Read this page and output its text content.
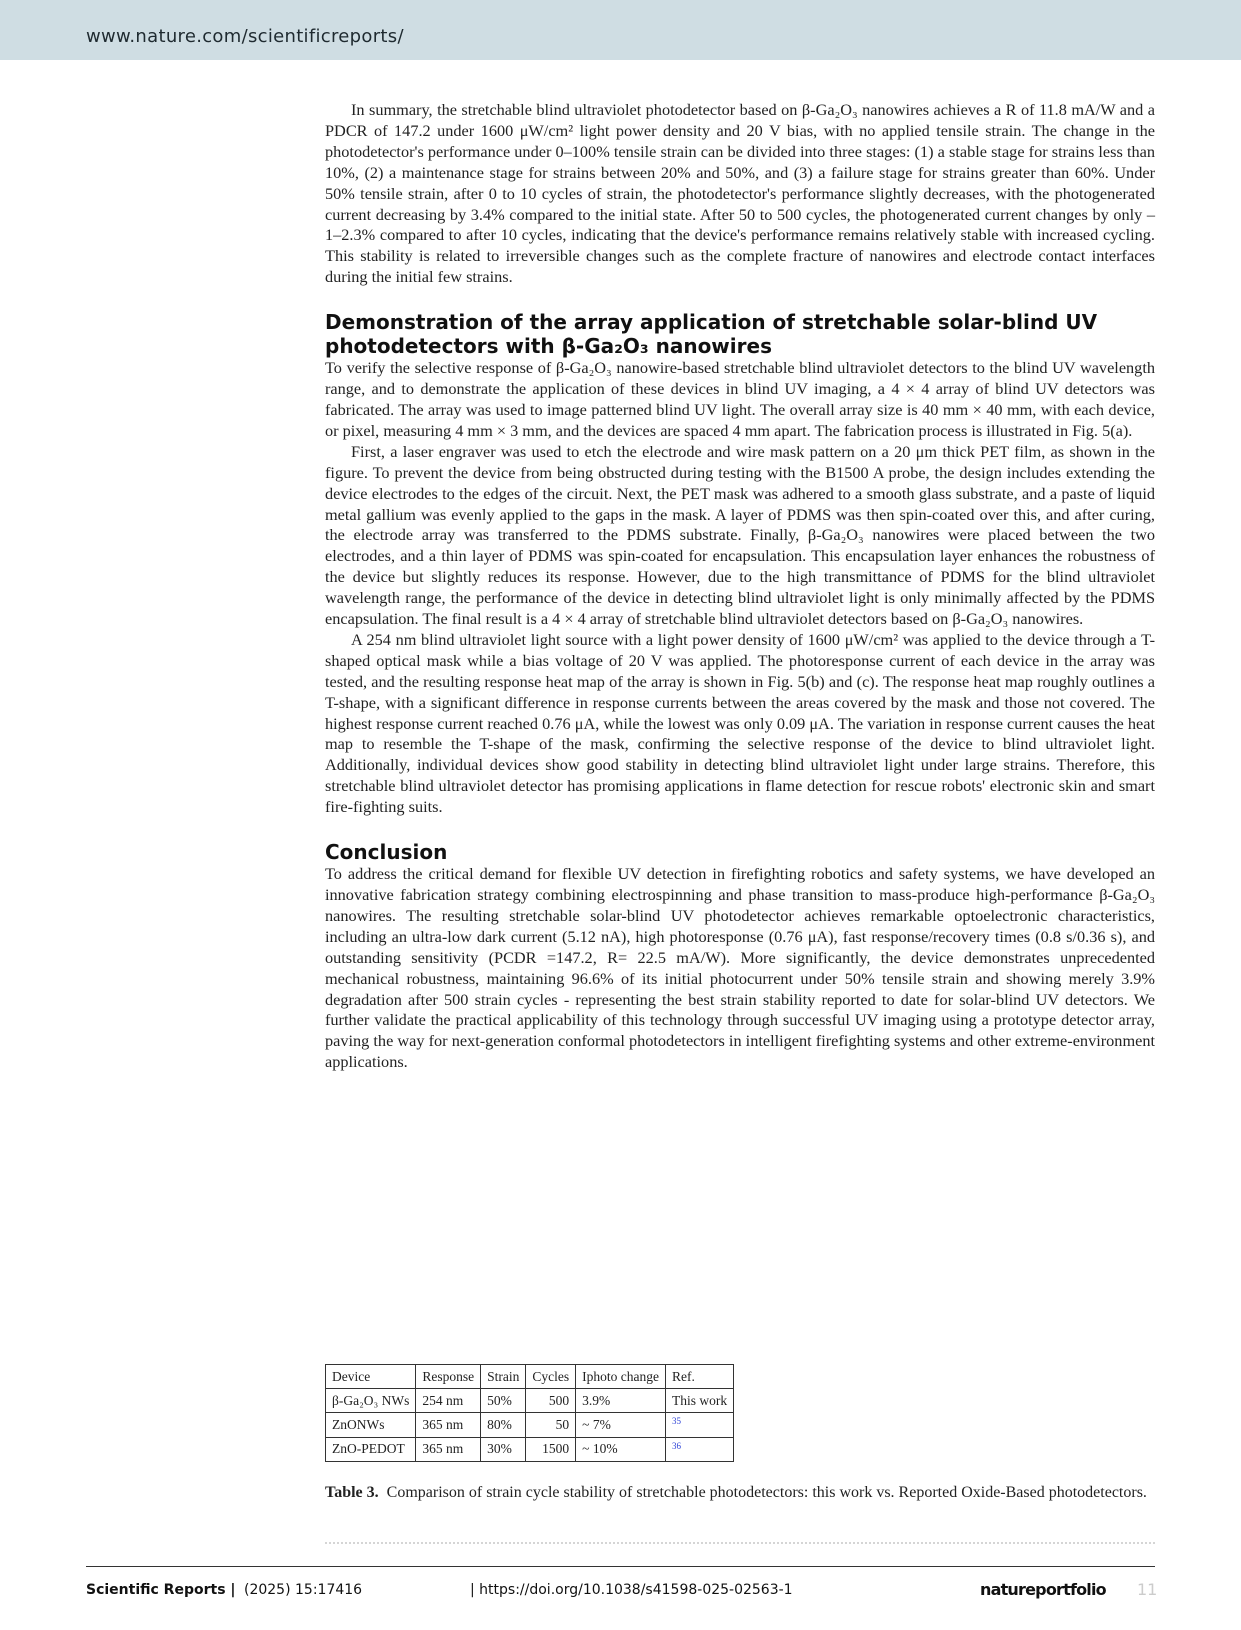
www.nature.com/scientificreports/

In summary, the stretchable blind ultraviolet photodetector based on β-Ga₂O₃ nanowires achieves a R of 11.8 mA/W and a PDCR of 147.2 under 1600 μW/cm² light power density and 20 V bias, with no applied tensile strain. The change in the photodetector's performance under 0–100% tensile strain can be divided into three stages: (1) a stable stage for strains less than 10%, (2) a maintenance stage for strains between 20% and 50%, and (3) a failure stage for strains greater than 60%. Under 50% tensile strain, after 0 to 10 cycles of strain, the photodetector's performance slightly decreases, with the photogenerated current decreasing by 3.4% compared to the initial state. After 50 to 500 cycles, the photogenerated current changes by only – 1–2.3% compared to after 10 cycles, indicating that the device's performance remains relatively stable with increased cycling. This stability is related to irreversible changes such as the complete fracture of nanowires and electrode contact interfaces during the initial few strains.

Demonstration of the array application of stretchable solar-blind UV photodetectors with β-Ga₂O₃ nanowires

To verify the selective response of β-Ga₂O₃ nanowire-based stretchable blind ultraviolet detectors to the blind UV wavelength range, and to demonstrate the application of these devices in blind UV imaging, a 4 × 4 array of blind UV detectors was fabricated. The array was used to image patterned blind UV light. The overall array size is 40 mm × 40 mm, with each device, or pixel, measuring 4 mm × 3 mm, and the devices are spaced 4 mm apart. The fabrication process is illustrated in Fig. 5(a).

First, a laser engraver was used to etch the electrode and wire mask pattern on a 20 μm thick PET film, as shown in the figure. To prevent the device from being obstructed during testing with the B1500 A probe, the design includes extending the device electrodes to the edges of the circuit. Next, the PET mask was adhered to a smooth glass substrate, and a paste of liquid metal gallium was evenly applied to the gaps in the mask. A layer of PDMS was then spin-coated over this, and after curing, the electrode array was transferred to the PDMS substrate. Finally, β-Ga₂O₃ nanowires were placed between the two electrodes, and a thin layer of PDMS was spin-coated for encapsulation. This encapsulation layer enhances the robustness of the device but slightly reduces its response. However, due to the high transmittance of PDMS for the blind ultraviolet wavelength range, the performance of the device in detecting blind ultraviolet light is only minimally affected by the PDMS encapsulation. The final result is a 4 × 4 array of stretchable blind ultraviolet detectors based on β-Ga₂O₃ nanowires.

A 254 nm blind ultraviolet light source with a light power density of 1600 μW/cm² was applied to the device through a T-shaped optical mask while a bias voltage of 20 V was applied. The photoresponse current of each device in the array was tested, and the resulting response heat map of the array is shown in Fig. 5(b) and (c). The response heat map roughly outlines a T-shape, with a significant difference in response currents between the areas covered by the mask and those not covered. The highest response current reached 0.76 μA, while the lowest was only 0.09 μA. The variation in response current causes the heat map to resemble the T-shape of the mask, confirming the selective response of the device to blind ultraviolet light. Additionally, individual devices show good stability in detecting blind ultraviolet light under large strains. Therefore, this stretchable blind ultraviolet detector has promising applications in flame detection for rescue robots' electronic skin and smart fire-fighting suits.

Conclusion

To address the critical demand for flexible UV detection in firefighting robotics and safety systems, we have developed an innovative fabrication strategy combining electrospinning and phase transition to mass-produce high-performance β-Ga₂O₃ nanowires. The resulting stretchable solar-blind UV photodetector achieves remarkable optoelectronic characteristics, including an ultra-low dark current (5.12 nA), high photoresponse (0.76 μA), fast response/recovery times (0.8 s/0.36 s), and outstanding sensitivity (PCDR =147.2, R= 22.5 mA/W). More significantly, the device demonstrates unprecedented mechanical robustness, maintaining 96.6% of its initial photocurrent under 50% tensile strain and showing merely 3.9% degradation after 500 strain cycles - representing the best strain stability reported to date for solar-blind UV detectors. We further validate the practical applicability of this technology through successful UV imaging using a prototype detector array, paving the way for next-generation conformal photodetectors in intelligent firefighting systems and other extreme-environment applications.

Device	Response	Strain	Cycles	Iphoto change	Ref.
β-Ga₂O₃ NWs	254 nm	50%	500	3.9%	This work
ZnONWs	365 nm	80%	50	~ 7%	$^{35}$
ZnO-PEDOT	365 nm	30%	1500	~ 10%	$^{36}$
Table 3. Comparison of strain cycle stability of stretchable photodetectors: this work vs. Reported Oxide-Based photodetectors.
Scientific Reports | (2025) 15:17416	| https://doi.org/10.1038/s41598-025-02563-1	natureportfolio 11
